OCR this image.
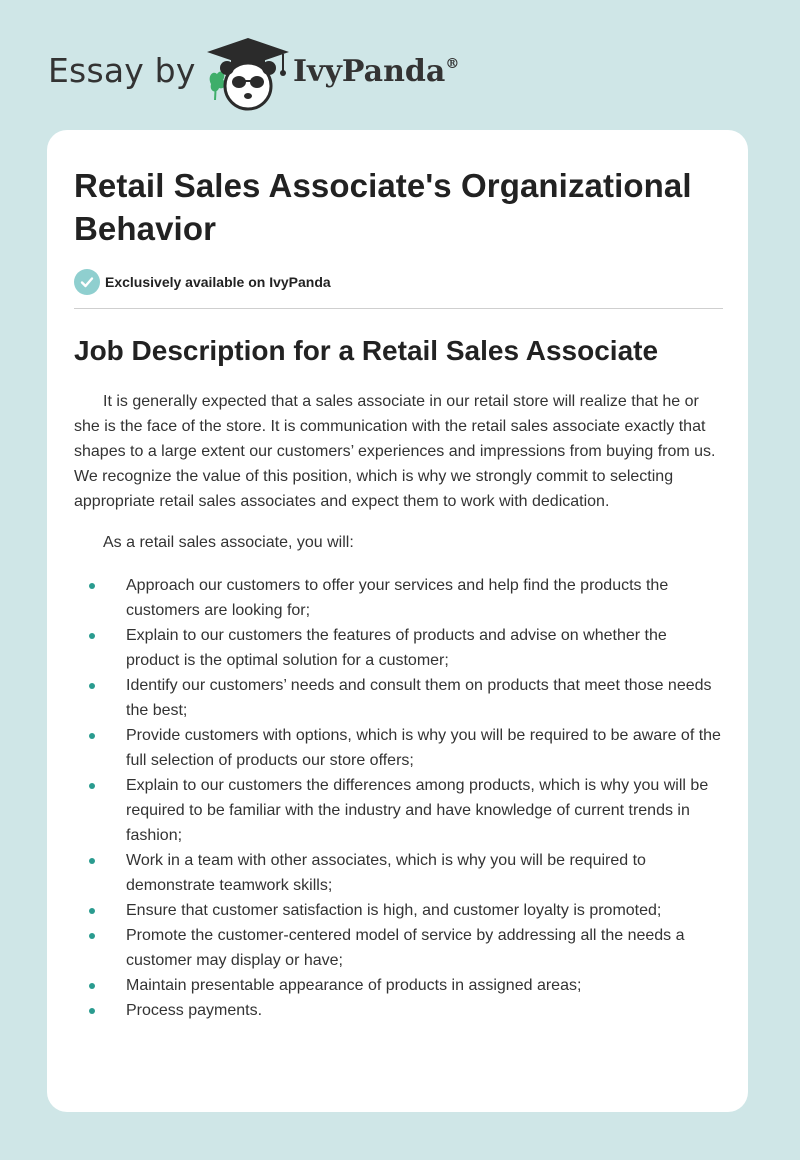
Essay by	IvyPanda®
Retail Sales Associate's Organizational Behavior
Exclusively available on IvyPanda
Job Description for a Retail Sales Associate

It is generally expected that a sales associate in our retail store will realize that he or she is the face of the store. It is communication with the retail sales associate exactly that shapes to a large extent our customers’ experiences and impressions from buying from us. We recognize the value of this position, which is why we strongly commit to selecting appropriate retail sales associates and expect them to work with dedication.

As a retail sales associate, you will:

Approach our customers to offer your services and help find the products the customers are looking for;
Explain to our customers the features of products and advise on whether the product is the optimal solution for a customer;
Identify our customers’ needs and consult them on products that meet those needs the best;
Provide customers with options, which is why you will be required to be aware of the full selection of products our store offers;
Explain to our customers the differences among products, which is why you will be required to be familiar with the industry and have knowledge of current trends in fashion;
Work in a team with other associates, which is why you will be required to demonstrate teamwork skills;
Ensure that customer satisfaction is high, and customer loyalty is promoted;
Promote the customer-centered model of service by addressing all the needs a customer may display or have;
Maintain presentable appearance of products in assigned areas;
Process payments.
